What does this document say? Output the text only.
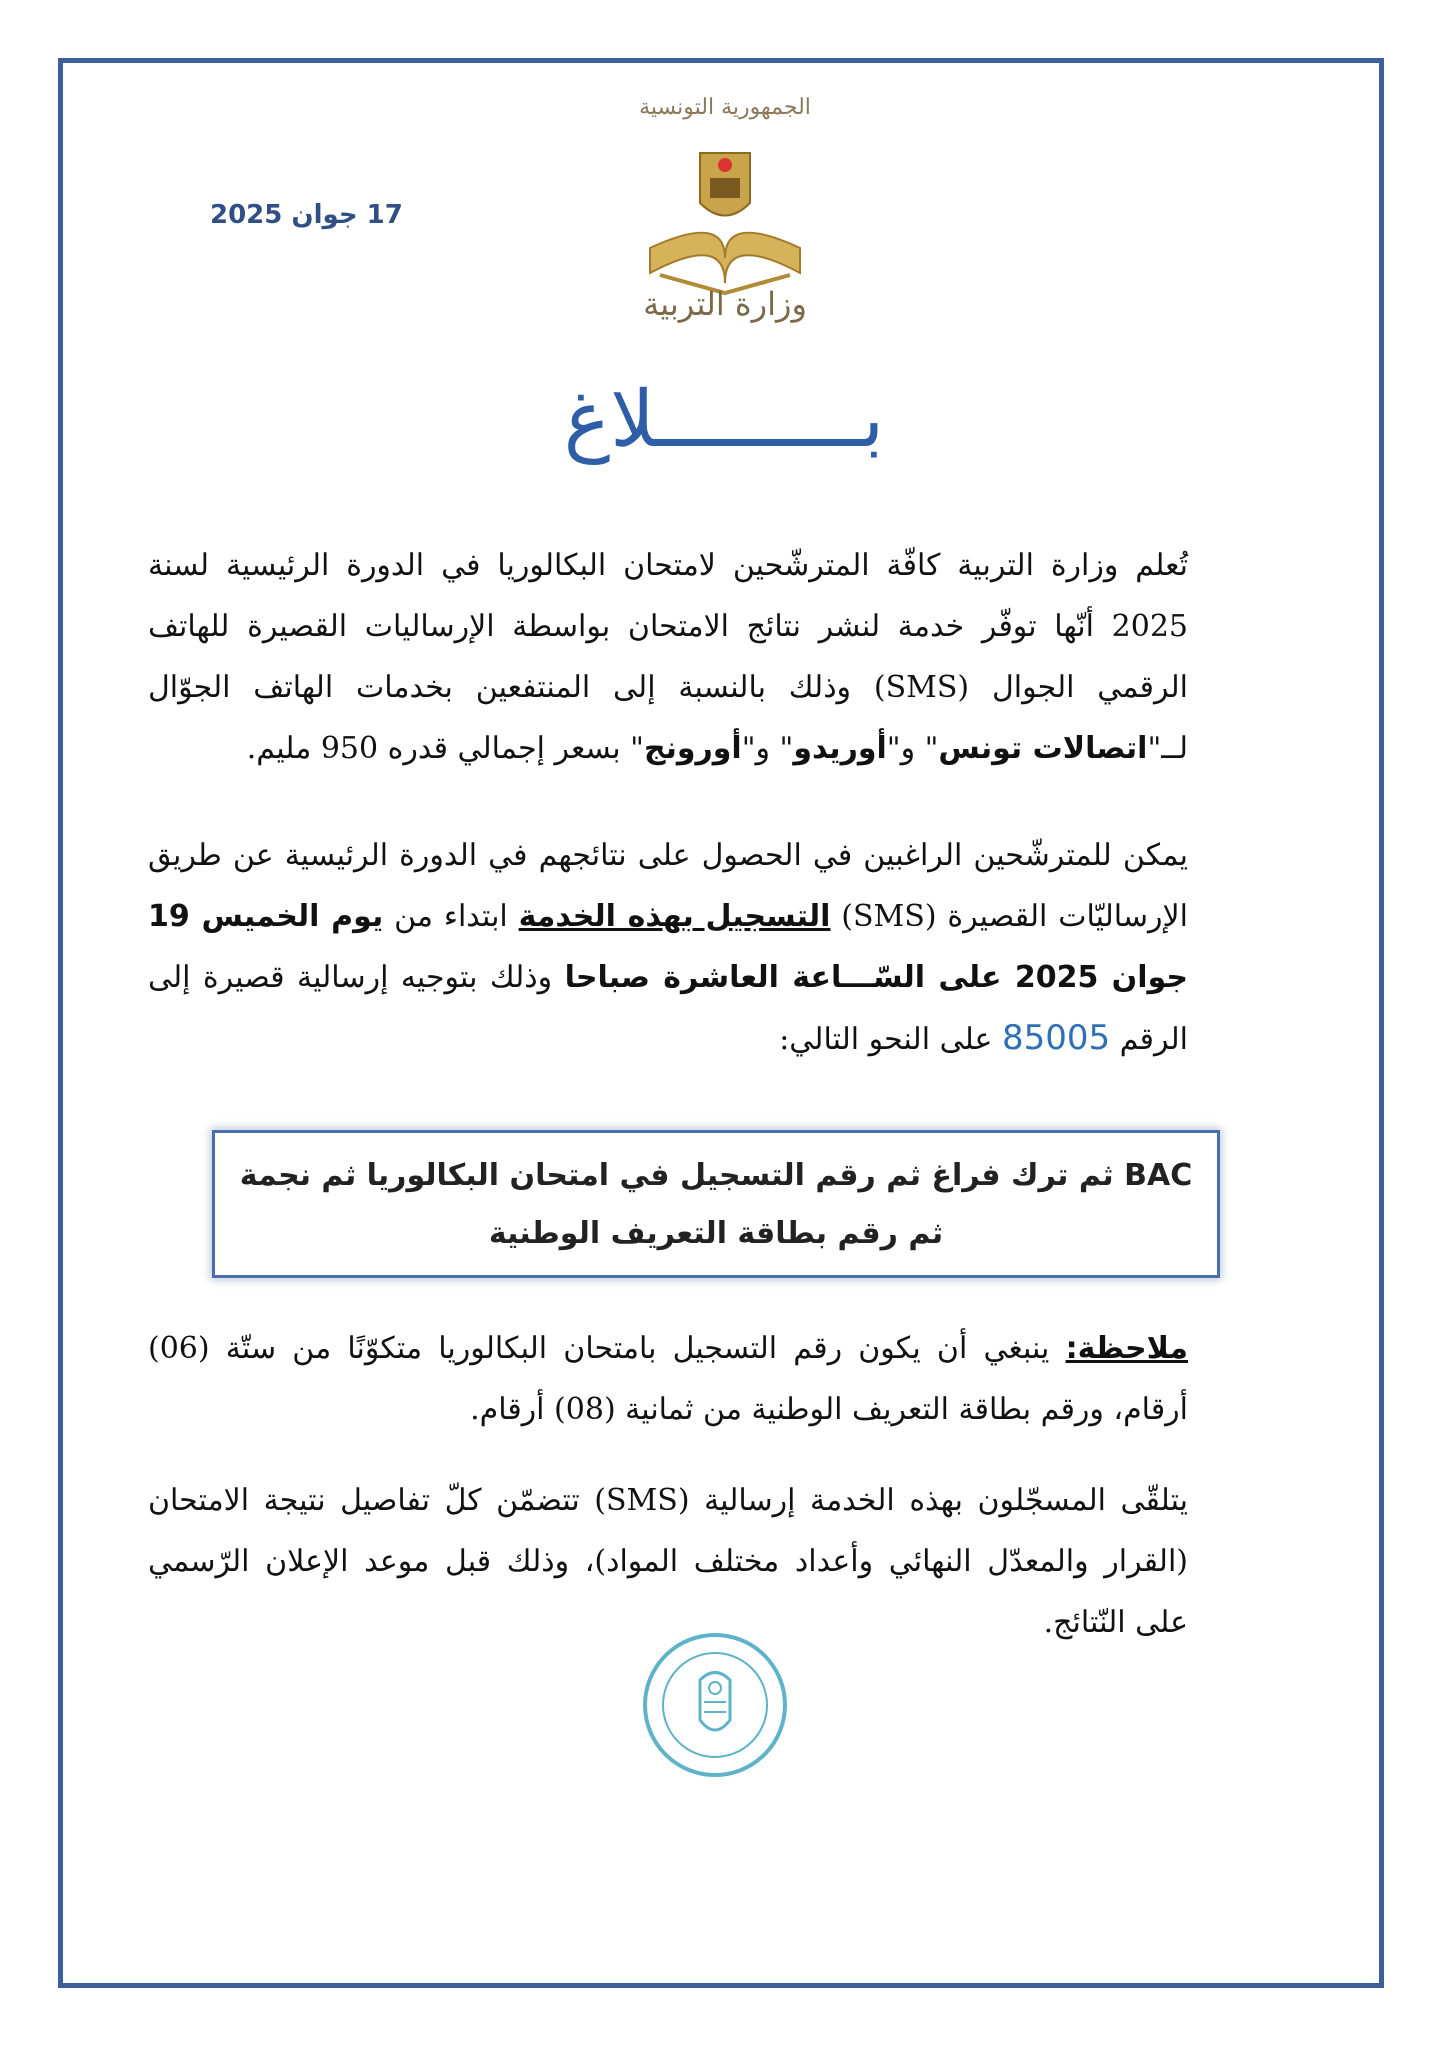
17 جوان 2025
الجمهورية التونسية
وزارة التربية
بـــــــــلاغ
تُعلم وزارة التربية كافّة المترشّحين لامتحان البكالوريا في الدورة الرئيسية لسنة 2025 أنّها توفّر خدمة لنشر نتائج الامتحان بواسطة الإرساليات القصيرة للهاتف الرقمي الجوال (SMS) وذلك بالنسبة إلى المنتفعين بخدمات الهاتف الجوّال لــ"اتصالات تونس" و"أوريدو" و"أورونج" بسعر إجمالي قدره 950 مليم.
يمكن للمترشّحين الراغبين في الحصول على نتائجهم في الدورة الرئيسية عن طريق الإرساليّات القصيرة (SMS) التسجيل بهذه الخدمة ابتداء من يوم الخميس 19 جوان 2025 على السّـــاعة العاشرة صباحا وذلك بتوجيه إرسالية قصيرة إلى الرقم 85005 على النحو التالي:
BAC ثم ترك فراغ ثم رقم التسجيل في امتحان البكالوريا ثم نجمة
ثم رقم بطاقة التعريف الوطنية
ملاحظة: ينبغي أن يكون رقم التسجيل بامتحان البكالوريا متكوّنًا من ستّة (06) أرقام، ورقم بطاقة التعريف الوطنية من ثمانية (08) أرقام.
يتلقّى المسجّلون بهذه الخدمة إرسالية (SMS) تتضمّن كلّ تفاصيل نتيجة الامتحان (القرار والمعدّل النهائي وأعداد مختلف المواد)، وذلك قبل موعد الإعلان الرّسمي على النّتائج.
